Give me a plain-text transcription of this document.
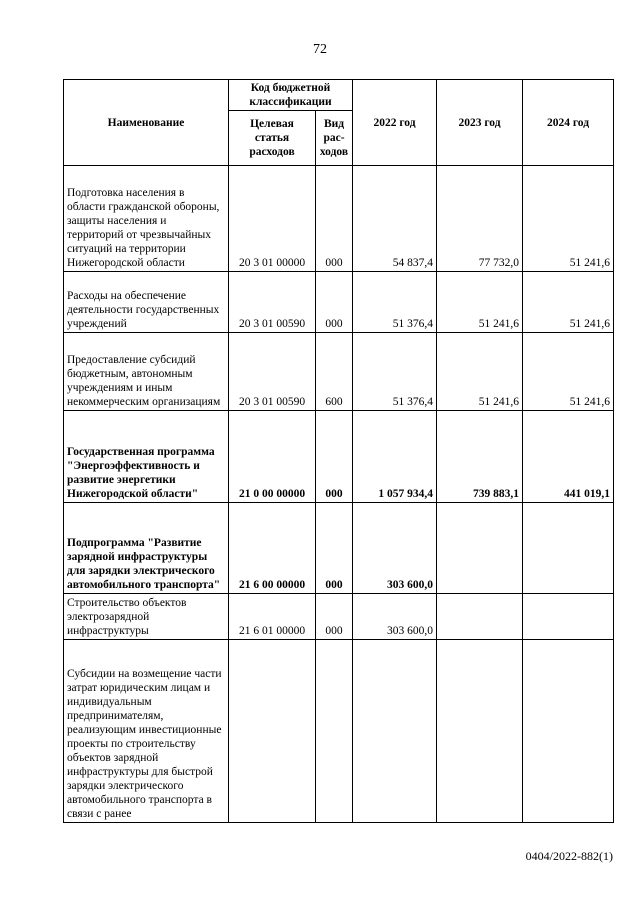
72
Наименование	Код бюджетной классификации		2022 год	2023 год	2024 год
	Целевая статья расходов	Вид рас-ходов			
Подготовка населения в области гражданской обороны, защиты населения и территорий от чрезвычайных ситуаций на территории Нижегородской области	20 3 01 00000	000	54 837,4	77 732,0	51 241,6
Расходы на обеспечение деятельности государственных учреждений	20 3 01 00590	000	51 376,4	51 241,6	51 241,6
Предоставление субсидий бюджетным, автономным учреждениям и иным некоммерческим организациям	20 3 01 00590	600	51 376,4	51 241,6	51 241,6
Государственная программа "Энергоэффективность и развитие энергетики Нижегородской области"	21 0 00 00000	000	1 057 934,4	739 883,1	441 019,1
Подпрограмма "Развитие зарядной инфраструктуры для зарядки электрического автомобильного транспорта"	21 6 00 00000	000	303 600,0		
Строительство объектов электрозарядной инфраструктуры	21 6 01 00000	000	303 600,0		
Субсидии на возмещение части затрат юридическим лицам и индивидуальным предпринимателям, реализующим инвестиционные проекты по строительству объектов зарядной инфраструктуры для быстрой зарядки электрического автомобильного транспорта в связи с ранее					
0404/2022-882(1)
